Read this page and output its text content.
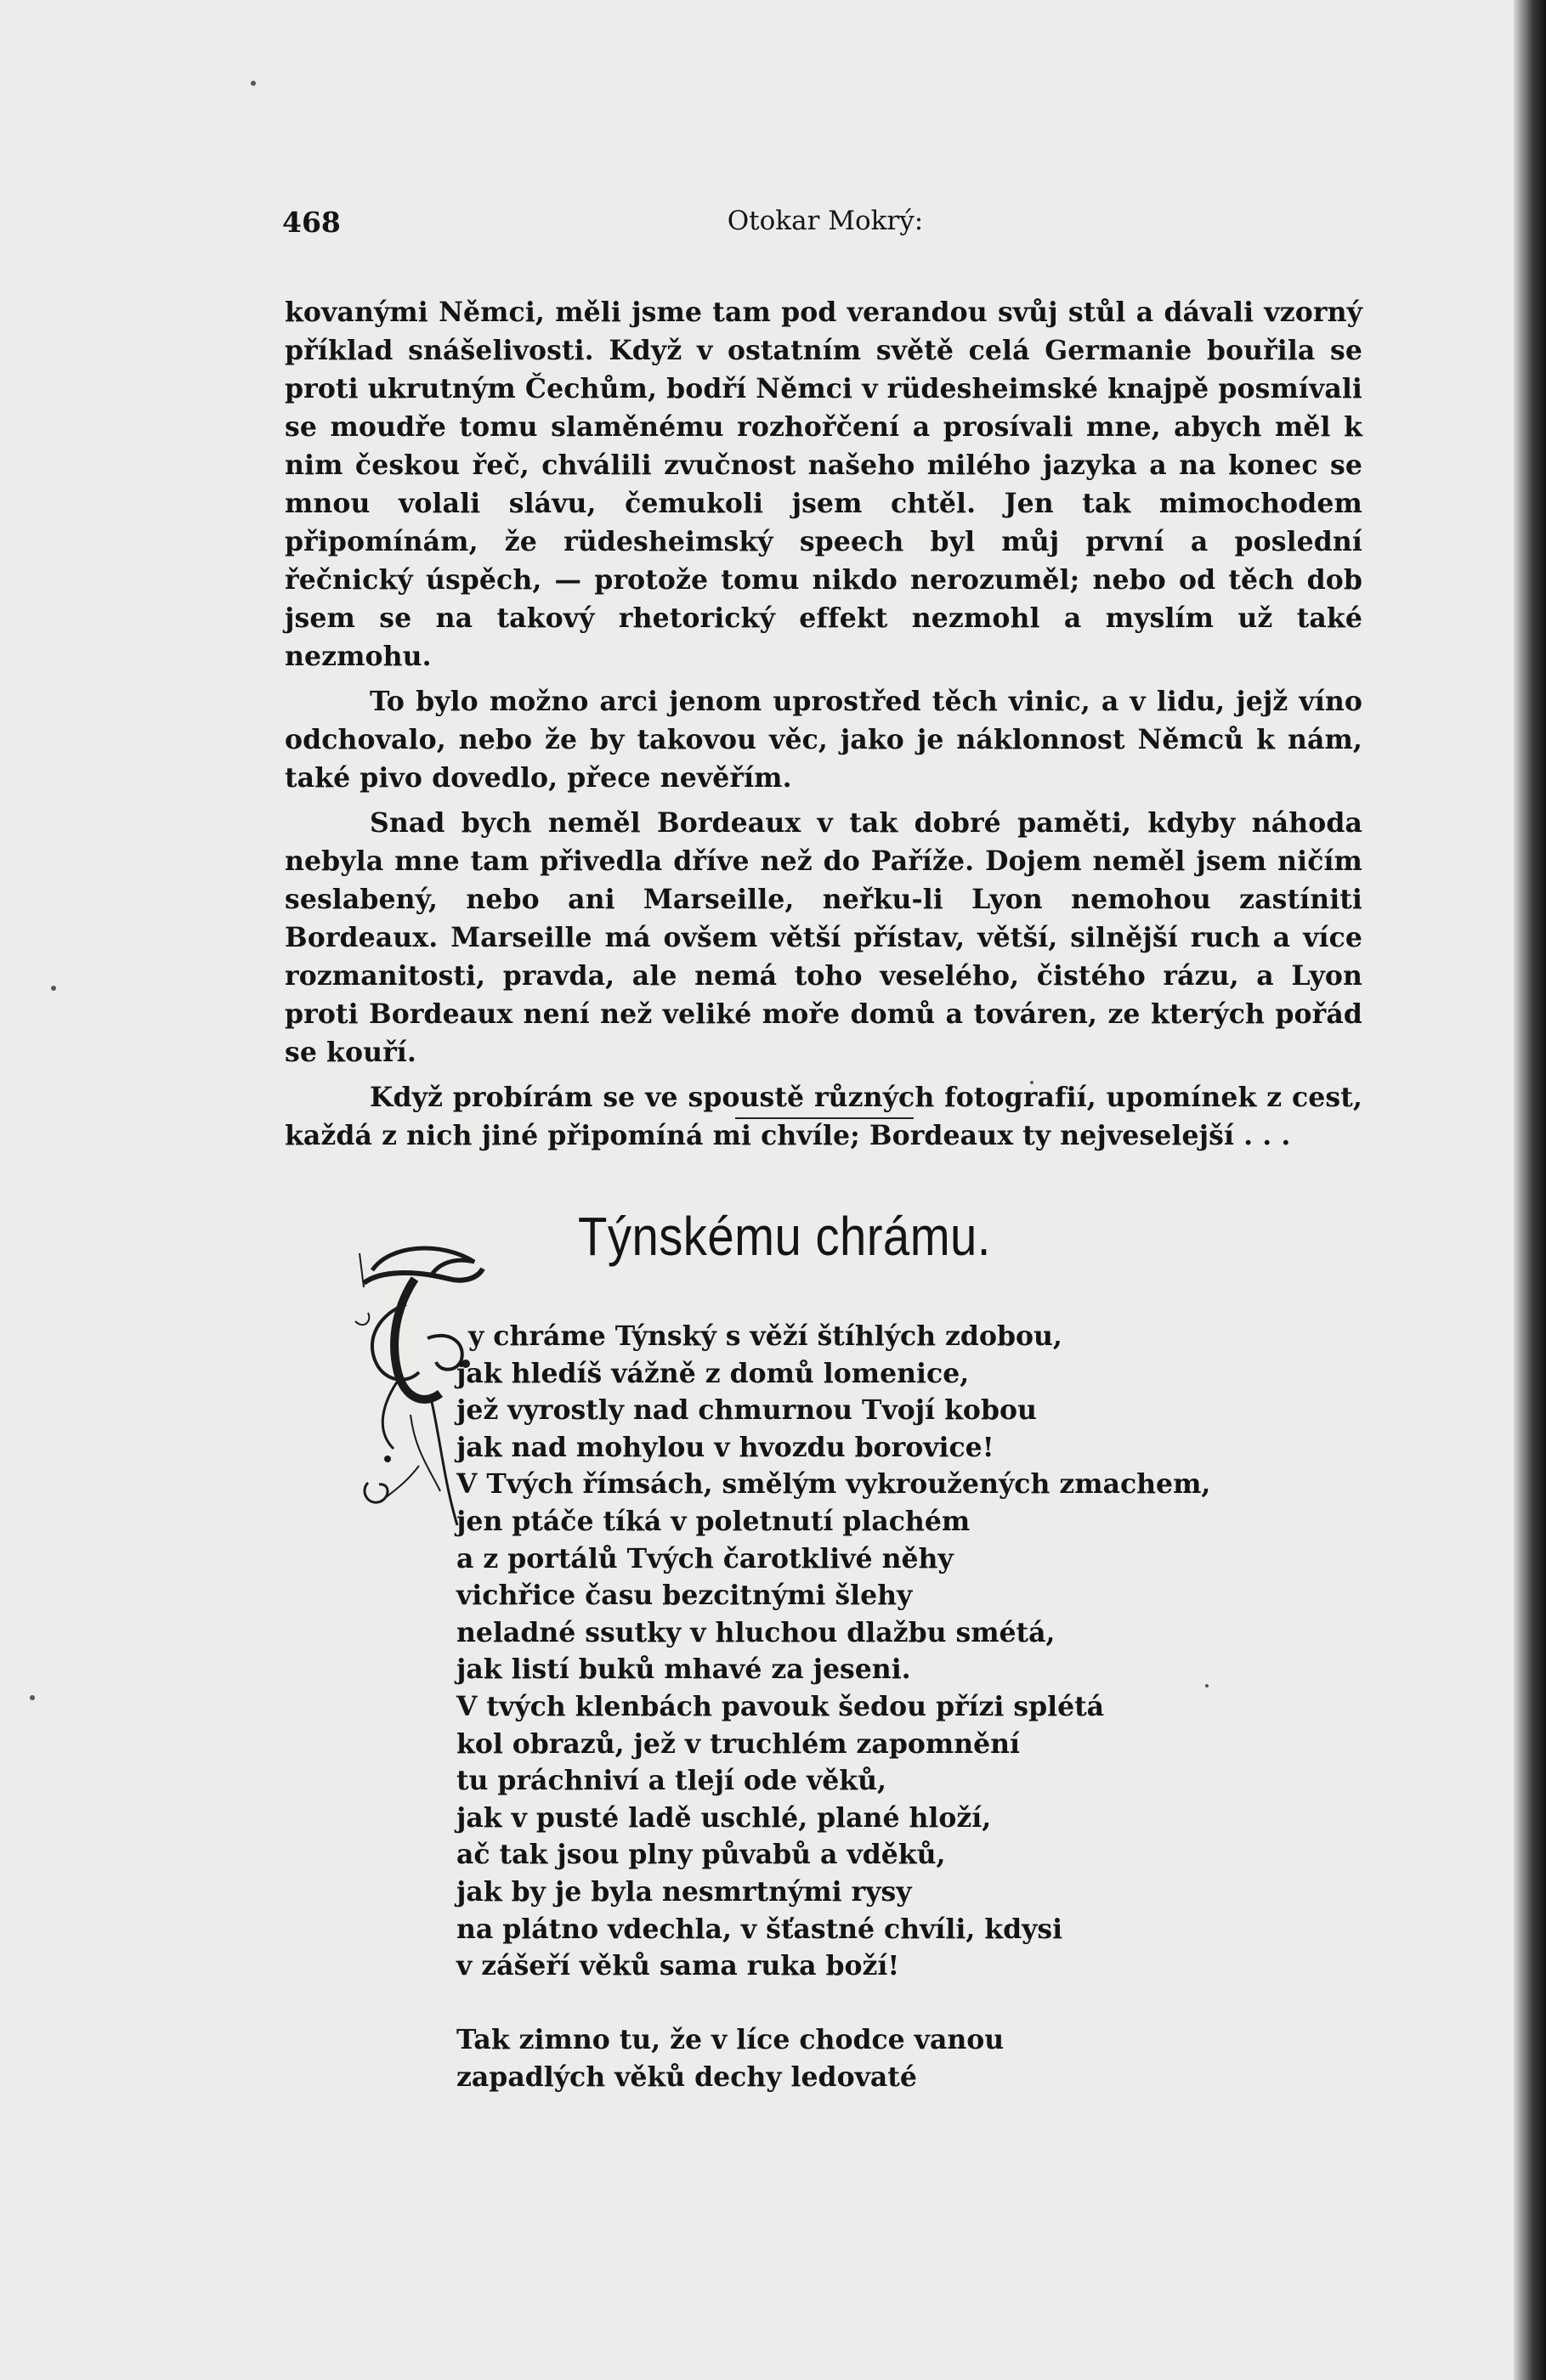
468	Otokar Mokrý:

kovanými Němci, měli jsme tam pod verandou svůj stůl a dávali vzorný příklad snášelivosti. Když v ostatním světě celá Germanie bouřila se proti ukrutným Čechům, bodří Němci v rüdesheimské knajpě posmívali se moudře tomu slaměnému rozhořčení a prosívali mne, abych měl k nim českou řeč, chválili zvučnost našeho milého jazyka a na konec se mnou volali slávu, čemukoli jsem chtěl. Jen tak mimochodem připomínám, že rüdesheimský speech byl můj první a poslední řečnický úspěch, — protože tomu nikdo nerozuměl; nebo od těch dob jsem se na takový rhetorický effekt nezmohl a myslím už také nezmohu.

To bylo možno arci jenom uprostřed těch vinic, a v lidu, jejž víno odchovalo, nebo že by takovou věc, jako je náklonnost Němců k nám, také pivo dovedlo, přece nevěřím.

Snad bych neměl Bordeaux v tak dobré paměti, kdyby náhoda nebyla mne tam přivedla dříve než do Paříže. Dojem neměl jsem ničím seslabený, nebo ani Marseille, neřku-li Lyon nemohou zastíniti Bordeaux. Marseille má ovšem větší přístav, větší, silnější ruch a více rozmanitosti, pravda, ale nemá toho veselého, čistého rázu, a Lyon proti Bordeaux není než veliké moře domů a továren, ze kterých pořád se kouří.

Když probírám se ve spoustě různých fotografií, upomínek z cest, každá z nich jiné připomíná mi chvíle; Bordeaux ty nejveselejší . . .

Týnskému chrámu.
y chráme Týnský s věží štíhlých zdobou,
jak hledíš vážně z domů lomenice,
jež vyrostly nad chmurnou Tvojí kobou
jak nad mohylou v hvozdu borovice!
V Tvých římsách, smělým vykroužených zmachem,
jen ptáče tíká v poletnutí plachém
a z portálů Tvých čarotklivé něhy
vichřice času bezcitnými šlehy
neladné ssutky v hluchou dlažbu smétá,
jak listí buků mhavé za jeseni.
V tvých klenbách pavouk šedou přízi splétá
kol obrazů, jež v truchlém zapomnění
tu práchniví a tlejí ode věků,
jak v pusté ladě uschlé, plané hloží,
ač tak jsou plny půvabů a vděků,
jak by je byla nesmrtnými rysy
na plátno vdechla, v šťastné chvíli, kdysi
v zášeří věků sama ruka boží!
Tak zimno tu, že v líce chodce vanou
zapadlých věků dechy ledovaté
